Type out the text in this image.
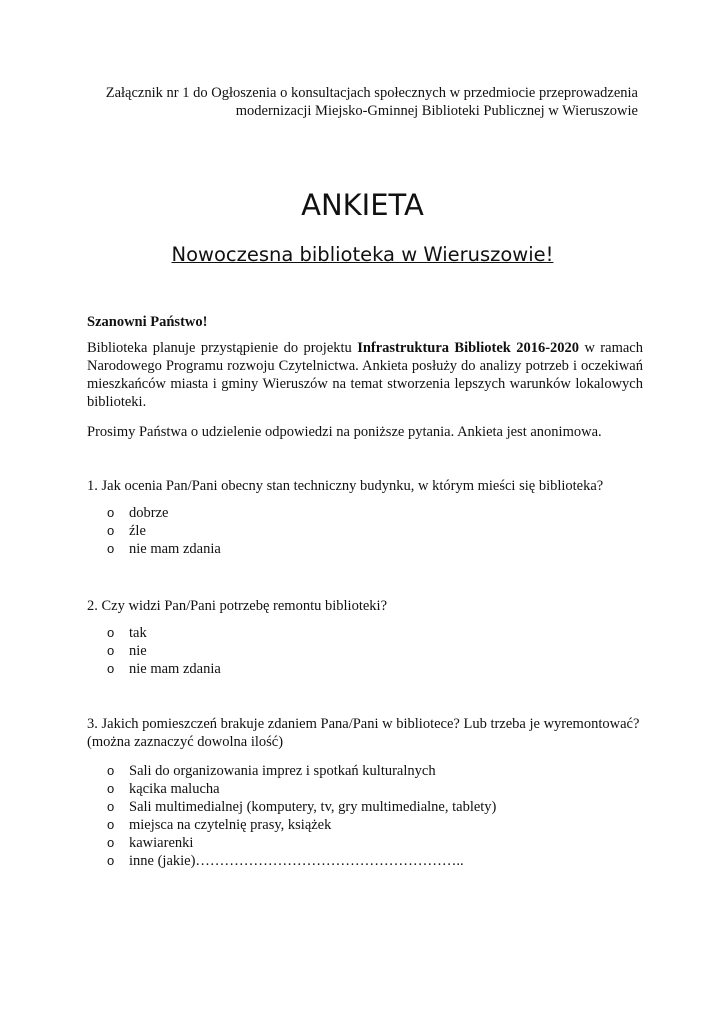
Załącznik nr 1 do Ogłoszenia o konsultacjach społecznych w przedmiocie przeprowadzenia modernizacji Miejsko-Gminnej Biblioteki Publicznej w Wieruszowie
ANKIETA
Nowoczesna biblioteka w Wieruszowie!

Szanowni Państwo!

Biblioteka planuje przystąpienie do projektu Infrastruktura Bibliotek 2016-2020 w ramach Narodowego Programu rozwoju Czytelnictwa. Ankieta posłuży do analizy potrzeb i oczekiwań mieszkańców miasta i gminy Wieruszów na temat stworzenia lepszych warunków lokalowych biblioteki.

Prosimy Państwa o udzielenie odpowiedzi na poniższe pytania. Ankieta jest anonimowa.

1. Jak ocenia Pan/Pani obecny stan techniczny budynku, w którym mieści się biblioteka?

o dobrze
o źle
o nie mam zdania

2. Czy widzi Pan/Pani potrzebę remontu biblioteki?

o tak
o nie
o nie mam zdania

3. Jakich pomieszczeń brakuje zdaniem Pana/Pani w bibliotece? Lub trzeba je wyremontować? (można zaznaczyć dowolna ilość)

o Sali do organizowania imprez i spotkań kulturalnych
o kącika malucha
o Sali multimedialnej (komputery, tv, gry multimedialne, tablety)
o miejsca na czytelnię prasy, książek
o kawiarenki
o inne (jakie)………………………………………………..
